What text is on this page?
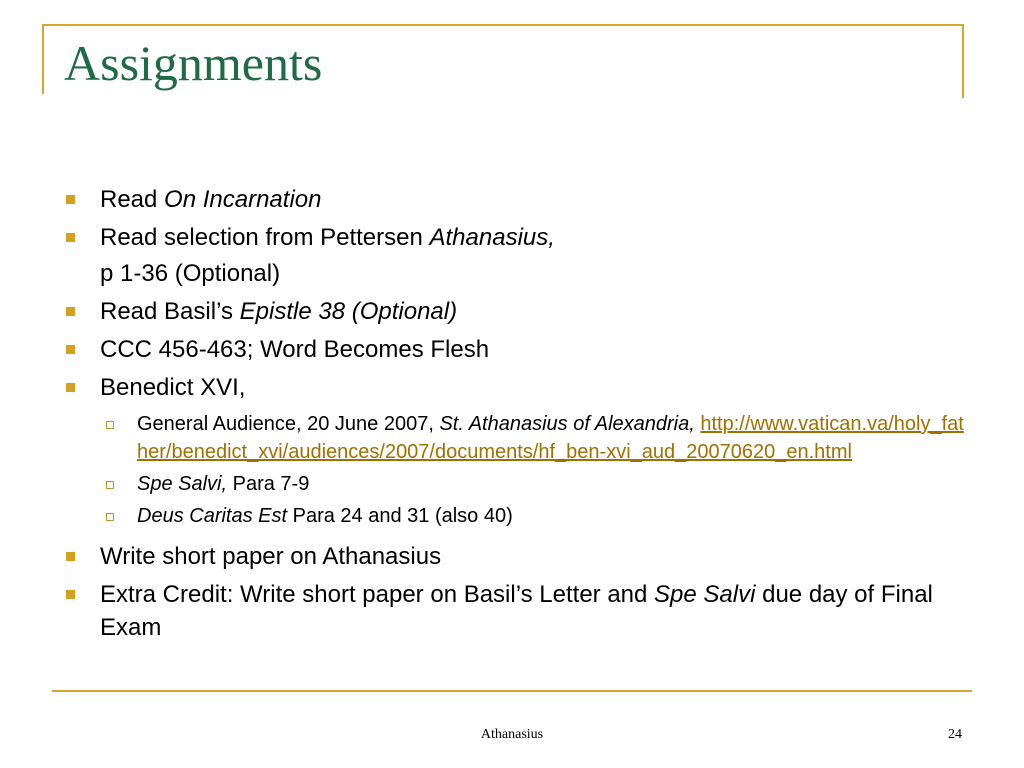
Assignments
Read On Incarnation
Read selection from Pettersen Athanasius,
p 1-36 (Optional)
Read Basil’s Epistle 38 (Optional)
CCC 456-463; Word Becomes Flesh
Benedict XVI,
General Audience, 20 June 2007, St. Athanasius of Alexandria, http://www.vatican.va/holy_father/benedict_xvi/audiences/2007/documents/hf_ben-xvi_aud_20070620_en.html
Spe Salvi, Para 7-9
Deus Caritas Est Para 24 and 31 (also 40)
Write short paper on Athanasius
Extra Credit: Write short paper on Basil’s Letter and Spe Salvi due day of Final Exam
Athanasius	24
